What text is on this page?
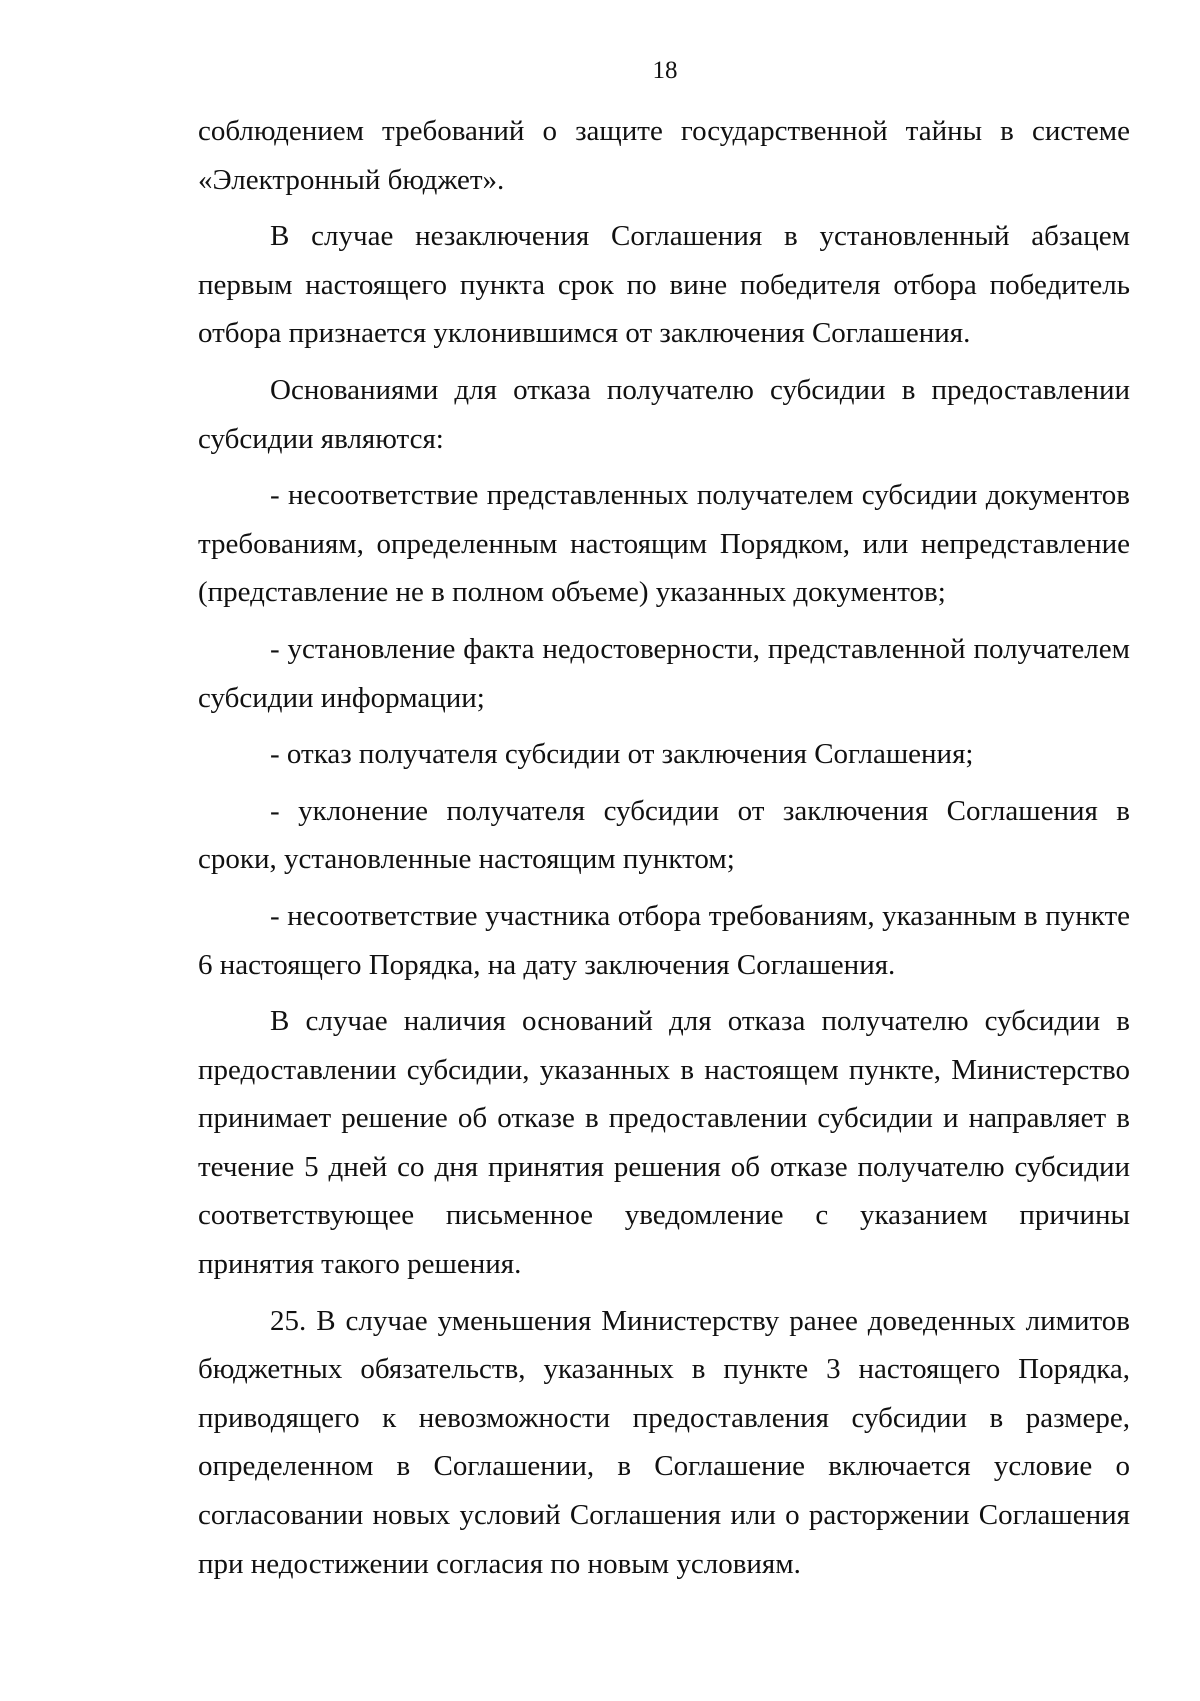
18

соблюдением требований о защите государственной тайны в системе «Электронный бюджет».

В случае незаключения Соглашения в установленный абзацем первым настоящего пункта срок по вине победителя отбора победитель отбора признается уклонившимся от заключения Соглашения.

Основаниями для отказа получателю субсидии в предоставлении субсидии являются:

- несоответствие представленных получателем субсидии документов требованиям, определенным настоящим Порядком, или непредставление (представление не в полном объеме) указанных документов;

- установление факта недостоверности, представленной получателем субсидии информации;

- отказ получателя субсидии от заключения Соглашения;

- уклонение получателя субсидии от заключения Соглашения в сроки, установленные настоящим пунктом;

- несоответствие участника отбора требованиям, указанным в пункте 6 настоящего Порядка, на дату заключения Соглашения.

В случае наличия оснований для отказа получателю субсидии в предоставлении субсидии, указанных в настоящем пункте, Министерство принимает решение об отказе в предоставлении субсидии и направляет в течение 5 дней со дня принятия решения об отказе получателю субсидии соответствующее письменное уведомление с указанием причины принятия такого решения.

25. В случае уменьшения Министерству ранее доведенных лимитов бюджетных обязательств, указанных в пункте 3 настоящего Порядка, приводящего к невозможности предоставления субсидии в размере, определенном в Соглашении, в Соглашение включается условие о согласовании новых условий Соглашения или о расторжении Соглашения при недостижении согласия по новым условиям.
